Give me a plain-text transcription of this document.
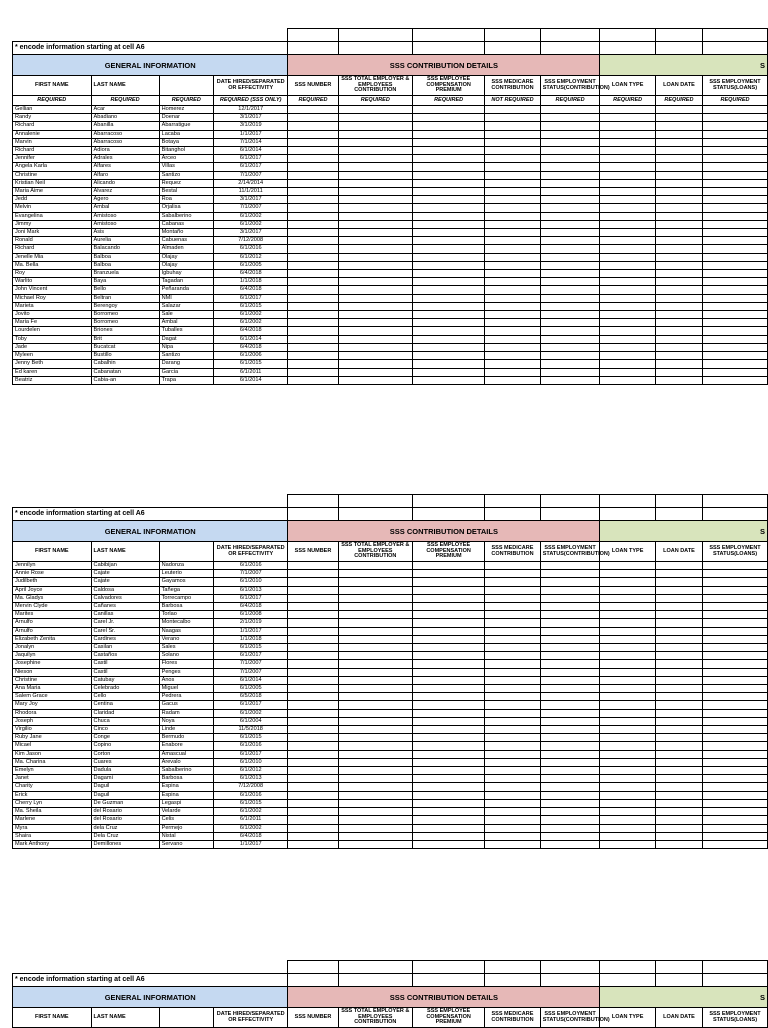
* encode information starting at cell A6											
GENERAL INFORMATION				SSS CONTRIBUTION DETAILS					S		
FIRST NAME	LAST NAME		DATE HIRED/SEPARATED OR EFFECTIVITY	SSS NUMBER	SSS TOTAL EMPLOYER & EMPLOYEES CONTRIBUTION	SSS EMPLOYEE COMPENSATION PREMIUM	SSS MEDICARE CONTRIBUTION	SSS EMPLOYMENT STATUS(CONTRIBUTION)	LOAN TYPE	LOAN DATE	SSS EMPLOYMENT STATUS(LOANS)
REQUIRED	REQUIRED	REQUIRED	REQUIRED (SSS ONLY)	REQUIRED	REQUIRED	REQUIRED	NOT REQUIRED	REQUIRED	REQUIRED	REQUIRED	REQUIRED
Gellian	Acar	Homerez	12/1/2017								
Randy	Abadiano	Doenar	3/1/2017								
Richard	Abanilla	Abarratigue	3/1/2019								
Annalenie	Abarracoso	Lacaba	1/1/2017								
Marvin	Abarracoso	Botaya	7/1/2014								
Richard	Adiora	Bitanghol	6/1/2014								
Jennifer	Adrales	Arceo	6/1/2017								
Angela Karla	Alfares	Villas	6/1/2017								
Christine	Alfaro	Santizo	7/1/2007								
Kristian Neil	Alicando	Requez	2/14/2014								
Maria Aime	Alvarez	Bestal	11/1/2011								
Jedd	Agero	Roa	3/1/2017								
Melvin	Ambal	Orjalisa	7/1/2007								
Evangelina	Amistoso	Sabalberino	6/1/2002								
Jimmy	Amistoso	Cabanas	6/1/2002								
Joni Mark	Asis	Montaño	3/1/2017								
Ronald	Aurelia	Cabuenas	7/12/2008								
Richard	Balacando	Almaden	6/1/2016								
Jenelle Mia	Balboa	Olajay	6/1/2012								
Ma. Bella	Balboa	Olajay	6/1/2005								
Roy	Branzuela	Igbuhay	6/4/2018								
Warlito	Baya	Tagadan	1/1/2018								
John Vincent	Bello	Peñaranda	6/4/2018								
Michael Roy	Beltran	NMI	6/1/2017								
Marieta	Berengoy	Salazar	6/1/2015								
Jovito	Borromeo	Sale	6/1/2002								
Maria Fe	Borromeo	Ambal	6/1/2002								
Lourdelen	Briones	Tuballes	6/4/2018								
Toby	Brit	Dagat	6/1/2014								
Jade	Bucatcat	Nipa	6/4/2018								
Myleen	Bustillo	Santizo	6/1/2006								
Jenny Beth	Cabalhin	Darang	6/1/2015								
Ed karen	Cabanatan	Garcia	6/1/2011								
Beatriz	Cabia-an	Trapa	6/1/2014								

* encode information starting at cell A6											
GENERAL INFORMATION				SSS CONTRIBUTION DETAILS					S		
FIRST NAME	LAST NAME		DATE HIRED/SEPARATED OR EFFECTIVITY	SSS NUMBER	SSS TOTAL EMPLOYER & EMPLOYEES CONTRIBUTION	SSS EMPLOYEE COMPENSATION PREMIUM	SSS MEDICARE CONTRIBUTION	SSS EMPLOYMENT STATUS(CONTRIBUTION)	LOAN TYPE	LOAN DATE	SSS EMPLOYMENT STATUS(LOANS)
Jennilyn	Cabibijan	Nadonza	6/1/2016								
Annie Rose	Cajate	Leuterio	7/1/2007								
Judilbeth	Cajate	Gayamos	6/1/2010								
April Joyce	Caldosa	Tañega	6/1/2013								
Ma. Gladys	Calvadores	Torrecampo	6/1/2017								
Mervin Clyde	Cañanes	Barbosa	6/4/2018								
Marites	Canillas	Torlao	6/1/2008								
Arnulfo	Carel Jr.	Montecalbo	2/1/2019								
Arnulfo	Carel Sr.	Naagas	1/1/2017								
Elizabeth Zenita	Cardines	Verano	1/1/2018								
Jonalyn	Casilan	Sales	6/1/2015								
Jaquilyn	Castaños	Solano	6/1/2017								
Josephine	Castil	Flores	7/1/2007								
Nieson	Castil	Penges	7/1/2007								
Christine	Catubay	Anos	6/1/2014								
Ana Maria	Celebrado	Miguel	6/1/2005								
Salem Grace	Cello	Pedrera	6/5/2018								
Mary Joy	Centina	Gacus	6/1/2017								
Rhodora	Claridad	Radam	6/1/2002								
Joseph	Chuca	Noya	6/1/2004								
Virgilio	Cinco	Linde	11/5/2018								
Ruby Jane	Conge	Bermudo	6/1/2015								
Micael	Copino	Enabore	6/1/2016								
Kim Jason	Corton	Amascual	6/1/2017								
Ma. Charina	Cuares	Arevalo	6/1/2010								
Emelyn	Dadula	Sabalberino	6/1/2012								
Janet	Dagami	Barbosa	6/1/2013								
Charity	Daguil	Espina	7/12/2008								
Erick	Daguil	Espina	6/1/2016								
Cherry Lyn	De Guzman	Legaspi	6/1/2015								
Ma. Sheila	del Rosario	Velarde	6/1/2002								
Marlene	del Rosario	Celis	6/1/2011								
Myra	dela Cruz	Permejo	6/1/2002								
Shaira	Dela Cruz	Nistal	6/4/2018								
Mark Anthony	Demillones	Servano	1/1/2017								

* encode information starting at cell A6											
GENERAL INFORMATION				SSS CONTRIBUTION DETAILS					S		
FIRST NAME	LAST NAME		DATE HIRED/SEPARATED OR EFFECTIVITY	SSS NUMBER	SSS TOTAL EMPLOYER & EMPLOYEES CONTRIBUTION	SSS EMPLOYEE COMPENSATION PREMIUM	SSS MEDICARE CONTRIBUTION	SSS EMPLOYMENT STATUS(CONTRIBUTION)	LOAN TYPE	LOAN DATE	SSS EMPLOYMENT STATUS(LOANS)
